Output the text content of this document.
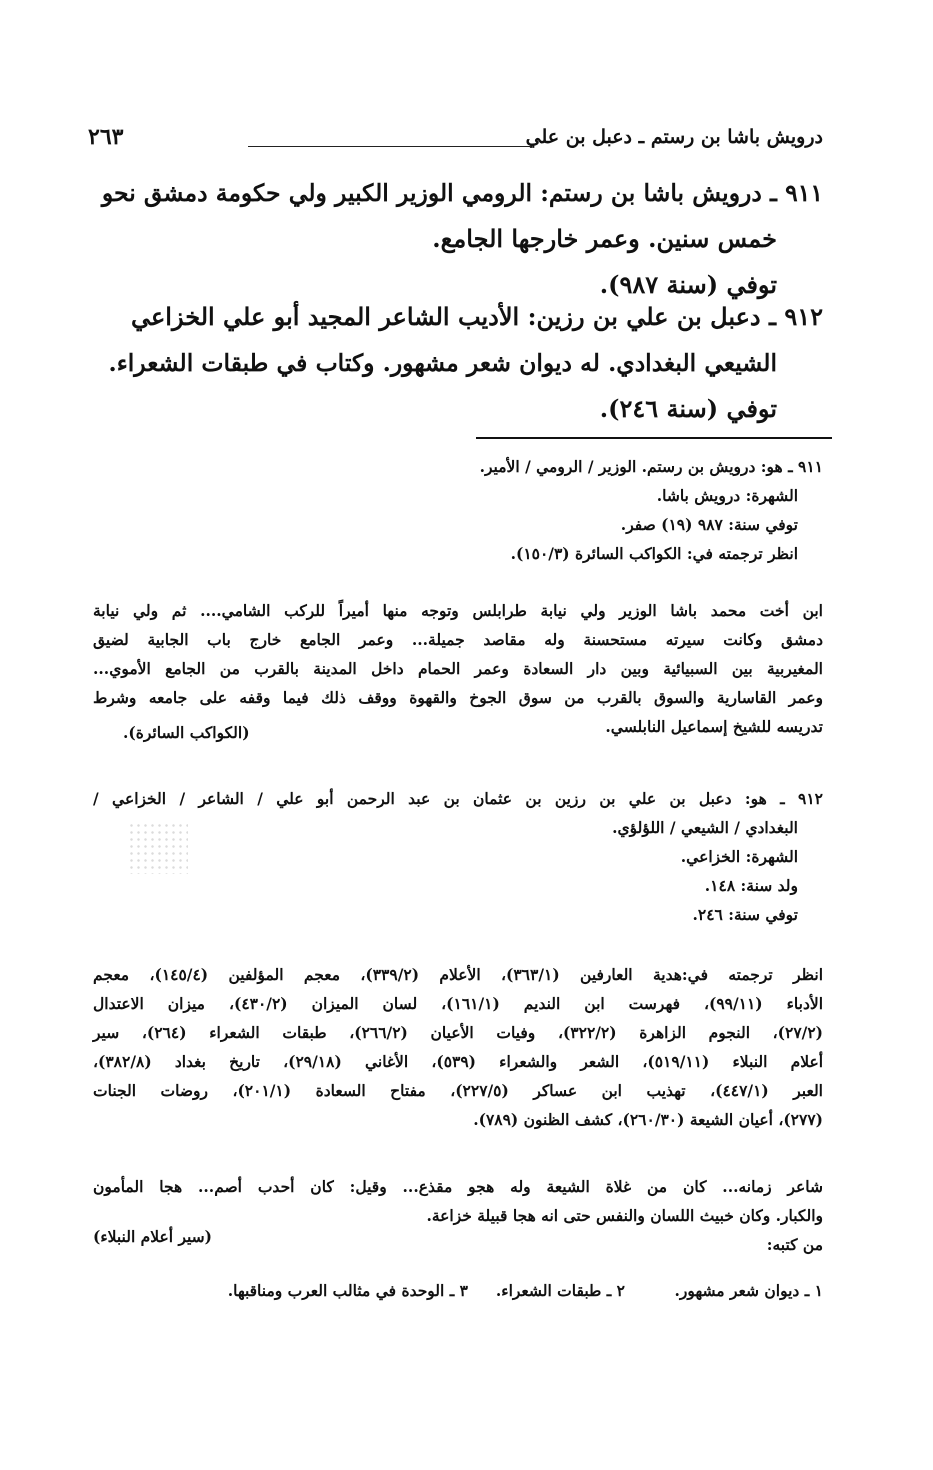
درويش باشا بن رستم ـ دعبل بن علي
٢٦٣
٩١١ ـ درويش باشا بن رستم: الرومي الوزير الكبير ولي حكومة دمشق نحو
خمس سنين. وعمر خارجها الجامع.
توفي (سنة ٩٨٧).
٩١٢ ـ دعبل بن علي بن رزين: الأديب الشاعر المجيد أبو علي الخزاعي
الشيعي البغدادي. له ديوان شعر مشهور. وكتاب في طبقات الشعراء.
توفي (سنة ٢٤٦).
٩١١ ـ هو: درويش بن رستم. الوزير / الرومي / الأمير.
الشهرة: درويش باشا.
توفي سنة: ٩٨٧ (١٩) صفر.
انظر ترجمته في: الكواكب السائرة (١٥٠/٣).
ابن أخت محمد باشا الوزير ولي نيابة طرابلس وتوجه منها أميراً للركب الشامي.... ثم ولي نيابة
دمشق وكانت سيرته مستحسنة وله مقاصد جميلة... وعمر الجامع خارج باب الجابية لضيق
المغيربية بين السبيائية وبين دار السعادة وعمر الحمام داخل المدينة بالقرب من الجامع الأموي...
وعمر القاسارية والسوق بالقرب من سوق الجوخ والقهوة ووقف ذلك فيما وقفه على جامعه وشرط
تدريسه للشيخ إسماعيل النابلسي.
(الكواكب السائرة).
٩١٢ ـ هو: دعبل بن علي بن رزين بن عثمان بن عبد الرحمن أبو علي / الشاعر / الخزاعي /
البغدادي / الشيعي / اللؤلؤي.
الشهرة: الخزاعي.
ولد سنة: ١٤٨.
توفي سنة: ٢٤٦.
انظر ترجمته في:هدية العارفين (٣٦٣/١)، الأعلام (٣٣٩/٢)، معجم المؤلفين (١٤٥/٤)، معجم
الأدباء (٩٩/١١)، فهرست ابن النديم (١٦١/١)، لسان الميزان (٤٣٠/٢)، ميزان الاعتدال
(٢٧/٢)، النجوم الزاهرة (٣٢٢/٢)، وفيات الأعيان (٢٦٦/٢)، طبقات الشعراء (٢٦٤)، سير
أعلام النبلاء (٥١٩/١١)، الشعر والشعراء (٥٣٩)، الأغاني (٢٩/١٨)، تاريخ بغداد (٣٨٢/٨)،
العبر (٤٤٧/١)، تهذيب ابن عساكر (٢٢٧/٥)، مفتاح السعادة (٢٠١/١)، روضات الجنات
(٢٧٧)، أعيان الشيعة (٢٦٠/٣٠)، كشف الظنون (٧٨٩).
شاعر زمانه... كان من غلاة الشيعة وله هجو مقذع... وقيل: كان أحدب أصم... هجا المأمون
والكبار. وكان خبيث اللسان والنفس حتى انه هجا قبيلة خزاعة.
(سير أعلام النبلاء)	من كتبه:
١ ـ ديوان شعر مشهور.
٢ ـ طبقات الشعراء.
٣ ـ الوحدة في مثالب العرب ومناقبها.
